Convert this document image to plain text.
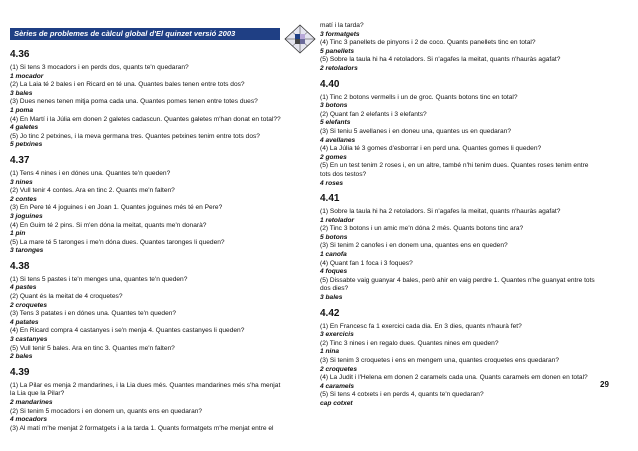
Sèries de problemes de càlcul global d'El quinzet versió 2003
4.36
(1) Si tens 3 mocadors i en perds dos, quants te'n quedaran?
1 mocador
(2) La Laia té 2 bales i en Ricard en té una. Quantes bales tenen entre tots dos?
3 bales
(3) Dues nenes tenen mitja poma cada una. Quantes pomes tenen entre totes dues?
1 poma
(4) En Martí i la Júlia em donen 2 galetes cadascun. Quantes galetes m'han donat en total??
4 galetes
(5) Jo tinc 2 petxines, i la meva germana tres. Quantes petxines tenim entre tots dos?
5 petxines
4.37
(1) Tens 4 nines i en dónes una. Quantes te'n queden?
3 nines
(2) Vull tenir 4 contes. Ara en tinc 2. Quants me'n falten?
2 contes
(3) En Pere té 4 joguines i en Joan 1. Quantes joguines més té en Pere?
3 joguines
(4) En Guim té 2 pins. Si m'en dóna la meitat, quants me'n donarà?
1 pin
(5) La mare té 5 taronges i me'n dóna dues. Quantes taronges li queden?
3 taronges
4.38
(1) Si tens 5 pastes i te'n menges una, quantes te'n queden?
4 pastes
(2) Quant és la meitat de 4 croquetes?
2 croquetes
(3) Tens 3 patates i en dónes una. Quantes te'n queden?
4 patates
(4) En Ricard compra 4 castanyes i se'n menja 4. Quantes castanyes li queden?
3 castanyes
(5) Vull tenir 5 bales. Ara en tinc 3. Quantes me'n falten?
2 bales
4.39
(1) La Pilar es menja 2 mandarines, i la Lia dues més. Quantes mandarines més s'ha menjat
la Lia que la Pilar?
2 mandarines
(2) Si tenim 5 mocadors i en donem un, quants ens en quedaran?
4 mocadors
(3) Al matí m'he menjat 2 formatgets i a la tarda 1. Quants formatgets m'he menjat entre el
matí i la tarda?
3 formatgets
(4) Tinc 3 panellets de pinyons i 2 de coco. Quants panellets tinc en total?
5 panellets
(5) Sobre la taula hi ha 4 retoladors. Si n'agafes la meitat, quants n'hauràs agafat?
2 retoladors
4.40
(1) Tinc 2 botons vermells i un de groc. Quants botons tinc en total?
3 botons
(2) Quant fan 2 elefants i 3 elefants?
5 elefants
(3) Si teniu 5 avellanes i en doneu una, quantes us en quedaran?
4 avellanes
(4) La Júlia té 3 gomes d'esborrar i en perd una. Quantes gomes li queden?
2 gomes
(5) En un test tenim 2 roses i, en un altre, també n'hi tenim dues. Quantes roses tenim entre
tots dos testos?
4 roses
4.41
(1) Sobre la taula hi ha 2 retoladors. Si n'agafes la meitat, quants n'hauràs agafat?
1 retolador
(2) Tinc 3 botons i un amic me'n dóna 2 més. Quants botons tinc ara?
5 botons
(3) Si tenim 2 canofes i en donem una, quantes ens en queden?
1 canofa
(4) Quant fan 1 foca i 3 foques?
4 foques
(5) Dissabte vaig guanyar 4 bales, però ahir en vaig perdre 1. Quantes n'he guanyat entre tots
dos dies?
3 bales
4.42
(1) En Francesc fa 1 exercici cada dia. En 3 dies, quants n'haurà fet?
3 exercicis
(2) Tinc 3 nines i en regalo dues. Quantes nines em queden?
1 nina
(3) Si tenim 3 croquetes i ens en mengem una, quantes croquetes ens quedaran?
2 croquetes
(4) La Judit i l'Helena em donen 2 caramels cada una. Quants caramels em donen en total?
4 caramels
(5) Si tens 4 cotxets i en perds 4, quants te'n quedaran?
cap cotxet
29
